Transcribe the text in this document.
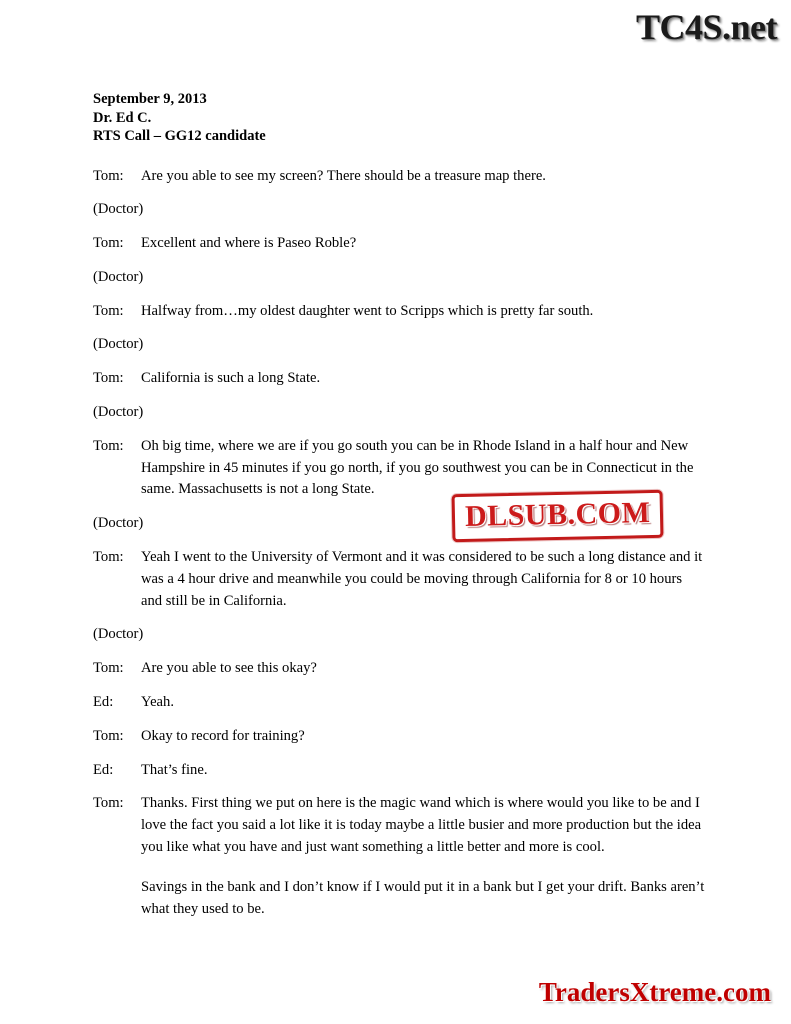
TC4S.net
September 9, 2013
Dr. Ed C.
RTS Call – GG12 candidate
Tom:	Are you able to see my screen? There should be a treasure map there.

(Doctor)
Tom:	Excellent and where is Paseo Roble?

(Doctor)
Tom:	Halfway from…my oldest daughter went to Scripps which is pretty far south.

(Doctor)
Tom:	California is such a long State.

(Doctor)
Tom:	Oh big time, where we are if you go south you can be in Rhode Island in a half hour and New Hampshire in 45 minutes if you go north, if you go southwest you can be in Connecticut in the same. Massachusetts is not a long State.

(Doctor)
Tom:	Yeah I went to the University of Vermont and it was considered to be such a long distance and it was a 4 hour drive and meanwhile you could be moving through California for 8 or 10 hours and still be in California.

(Doctor)
Tom:	Are you able to see this okay?

Ed:	Yeah.

Tom:	Okay to record for training?

Ed:	That’s fine.

Tom:	Thanks. First thing we put on here is the magic wand which is where would you like to be and I love the fact you said a lot like it is today maybe a little busier and more production but the idea you like what you have and just want something a little better and more is cool.

Savings in the bank and I don’t know if I would put it in a bank but I get your drift. Banks aren’t what they used to be.

DLSUB.COM
TradersXtreme.com
